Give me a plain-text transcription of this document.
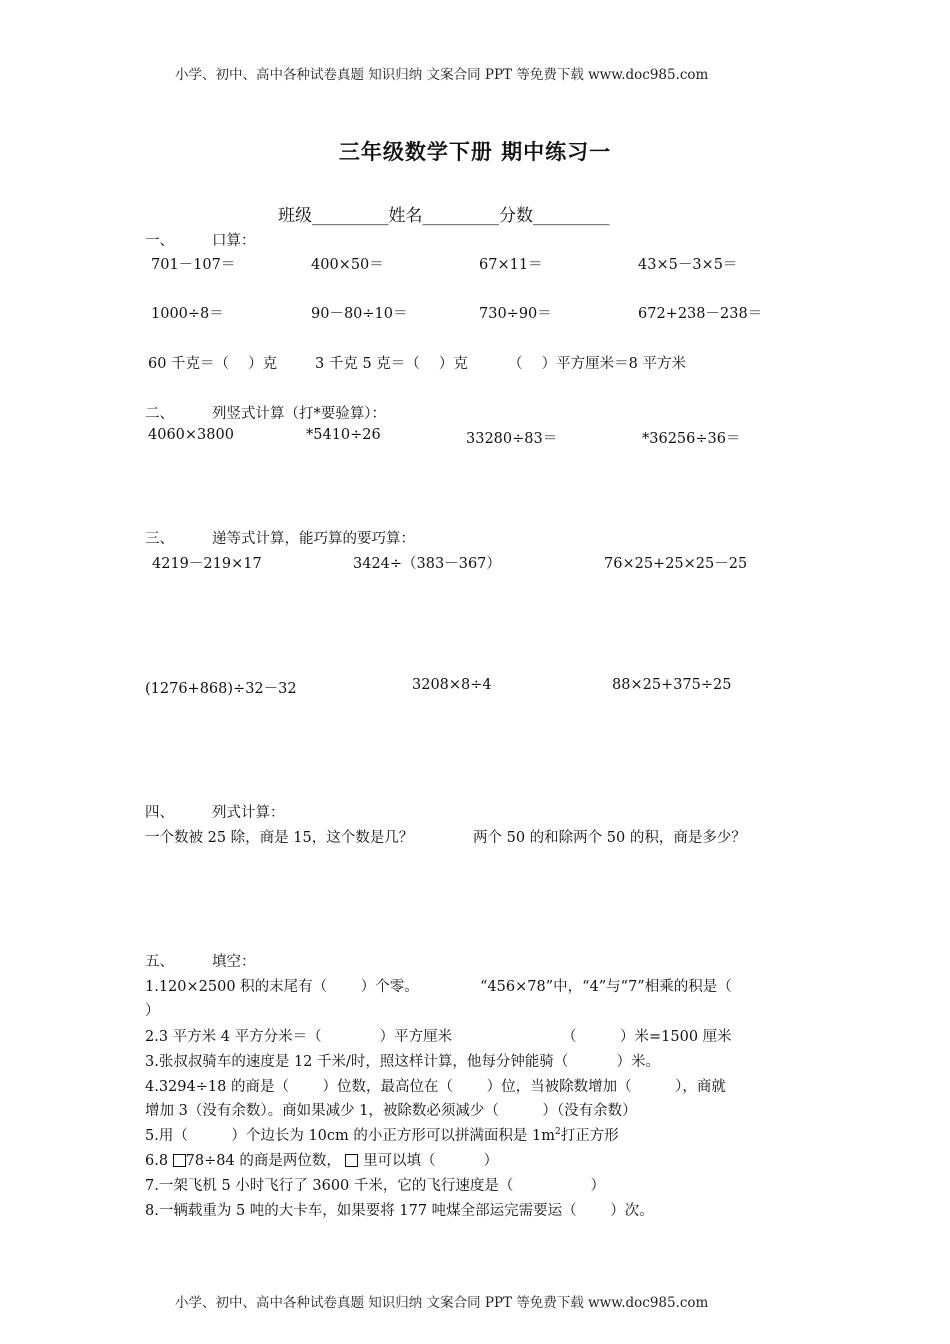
小学、初中、高中各种试卷真题 知识归纳 文案合同 PPT 等免费下载 www.doc985.com
三年级数学下册 期中练习一
班级_________姓名_________分数_________
一、	口算：
701－107＝	400×50＝	67×11＝	43×5－3×5＝
1000÷8＝	90－80÷10＝	730÷90＝	672+238－238＝
60 千克＝（　 ）克	3 千克 5 克＝（　 ）克	（　 ）平方厘米＝8 平方米
二、	列竖式计算（打*要验算）：
4060×3800	*5410÷26	33280÷83＝	*36256÷36＝
三、	递等式计算，能巧算的要巧算：
4219－219×17	3424÷（383－367）	76×25+25×25－25
(1276+868)÷32－32	3208×8÷4	88×25+375÷25
四、	列式计算：
一个数被 25 除，商是 15，这个数是几？	两个 50 的和除两个 50 的积，商是多少？
五、	填空：
1.120×2500 积的末尾有（　　 ）个零。	“456×78”中，“4”与“7”相乘的积是（
）
2.3 平方米 4 平方分米＝（　　　　）平方厘米	（　　　）米=1500 厘米
3.张叔叔骑车的速度是 12 千米/时，照这样计算，他每分钟能骑（　　　 ）米。
4.3294÷18 的商是（　　 ）位数，最高位在（　　 ）位，当被除数增加（　　　），商就
增加 3（没有余数）。商如果减少 1，被除数必须减少（　　　）（没有余数）
5.用（　　　）个边长为 10cm 的小正方形可以拼满面积是 $1m^2$打正方形
6.8 78÷84 的商是两位数， 里可以填（　　　 ）
7.一架飞机 5 小时飞行了 3600 千米，它的飞行速度是（　　　　　 ）
8.一辆载重为 5 吨的大卡车，如果要将 177 吨煤全部运完需要运（　　 ）次。
小学、初中、高中各种试卷真题 知识归纳 文案合同 PPT 等免费下载 www.doc985.com
